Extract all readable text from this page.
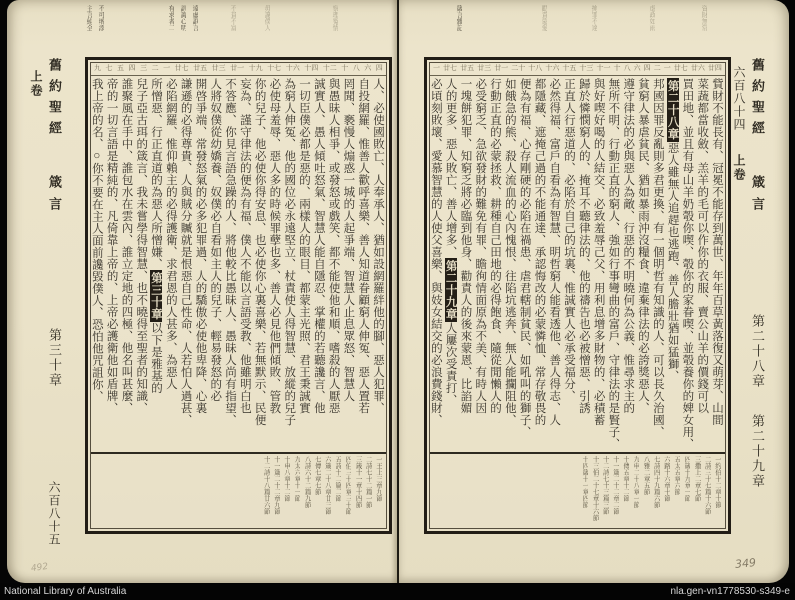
舊約聖經 箴言 第三十章 六百八十五 上卷
主言純全 不可增添	有求者二 訓誨心明 遠虛誆言	不貧不富	毋讒僕人	察理冤情
四
六
八
十
十二
十四
十六
十七
十九
廿一
廿三
廿五
廿七
一
二
三
四
五
七
九
人、必使國敗亡、人奉承人、猶如設網羅絆他的腳、惡人犯罪、
自投網羅、惟善人歡呼喜樂、善人知道眷顧窮人伸冤、惡人置若
罔聞、褻慢人煽惑一城的人起爭端、智慧人止息眾怒、智慧人
與愚昧人相爭、或發怒或戲笑、都不能使他和順、嗜殺的人厭惡
誠實人、愚人傾吐怒氣、智慧人能自隱忍、掌權的若聽讒言、他
一切臣僕必都是惡的、兩樣人的眼目、都蒙主光照、君王秉誠實
為窮人伸冤、他的國位必永遠堅立、杖責使人得智慧、放縱的兒子
必使母羞辱、惡人多的時候罪孽也多、善人必見他們傾敗、管教
你的兒子、他必使你得安息、也必使你心裏喜樂、若無默示、民便
妄為、謹守律法的便為有福、僕人不能以言語受教、他雖明白也
不答應、你見言語急躁的人、將他較比愚昧人、愚昧人尚有指望、
人將奴僕從幼嬌養、奴僕必自看如主人的兒子、輕易發怒的必
開啓爭端、常發怒氣的必多犯罪過、人的驕傲必使他卑降、心裏
謙遜的必得尊貴、人與賊分贓就是恨惡自己性命、人若怕人過甚、
必陷網羅、惟仰賴主的必得護衛、求君恩的人甚多、為惡人
所憎惡、行正直道的為惡人所憎嫌、第三十章以下是雅基的
兒子亞古珥的箴言、我未嘗學得智慧、也不曉得至聖者的知識、
誰聚風在手中、誰包水在雲內、誰立定地的四極、他名叫甚麼、
帝的一切言語是精純的、凡倚靠上帝的、上帝必護衛他如盾牌、
我上帝的名、○你不要在主人面前讒毀僕人、恐怕他咒詛你、
一王上三章九節
二詩七十二篇一節
三箴十一章十四節
四伯三十四章三十節
五詩十二篇二節
六箴二十八章廿三節
七傳七章七節
八詩六十二篇九節
九太六章十一節
十申八章十二節
十一箴二十二章九節
十二詩十八篇廿六節
492
箴言雜記	勸責蒙愛	掩罪不達	虐政如雨	資財無常
廿四
廿六
廿七
一
二
四
六
八
十
十一
十三
十五
十六
十八
二十
廿一
廿三
廿五
廿七
一
貲財不能長有、冠冕不能存到萬世、年年百草黃落復又萌芽、山間
菜蔬都當收斂、羔羊的毛可以作你的衣服、賣公山羊的價錢可以
買田地、並且有母山羊奶彀你喫、彀你的家眷喫、並彀養你的婢女用、
第二十八章惡人雖無人追趕也逃跑、善人膽壯猶如猛獅、
邦國因罪反亂則多君更換、有一個明哲有知識的人、可以長久治國、
貧窮人暴虐貧民、猶如暴雨沖沒糧食、違棄律法的必誇獎惡人、
遵守律法的必與惡人為敵、行惡的不明曉何為公義、惟尋求主的
無所不明、行動正直的窮人、強如行事彎曲的富戶、守律法的是賢子、
與好喫好喝的人結交、必致羞辱己父、用利息增多財物的、必積蓄
歸於憐憫窮人的、掩耳不聽律法的、他的禱告也必被憎惡、引誘
正直人行惡道的、必陷於自己的坑裏、惟誠實人必承受福分、
必然得福、富戶自看為有智慧、明哲窮人能看透他、善人得志、人
都隱藏、遮掩己過的不能通達、承認悔改的必蒙憐恤、常存敬畏的
便為有福、心存剛硬的必陷在禍患、虐君轄制貧民、如吼叫的獅子、
如餓急的熊、殺人流血的心內愧恨、往陷坑逃奔、無人能攔阻他、
行動正直的必蒙拯救、耕種自己田地的必得飽食、隨從閒懶人的
必受窮乏、急欲發財的難免有罪、瞻徇情面原為不美、有時人因
一塊餅犯罪、知窮乏將必臨到他身、勸責人的後來蒙恩、比諂媚
人的更多、惡人敗亡、善人增多、第二十九章人屢次受責打、
必頃刻敗壞、愛慕智慧的人使父喜樂、與妓女結交的必浪費錢財、
一約伯十二章十節
二詩三十七篇十六節
三撒上二章七節
四箴十九章一節
五太五章六節
六路十六章十節
七詩四十九篇六節
八雅二章五節
九申二十八章一節
十傳五章十二節
十一箴二十二章二節
十二詩七十三篇三節
十三伯二十七章十六節
十四箴十一章四節
舊約聖經 箴言 第二十八章 第二十九章 六百八十四 上卷
349
National Library of Australia	nla.gen-vn1778530-s349-e
